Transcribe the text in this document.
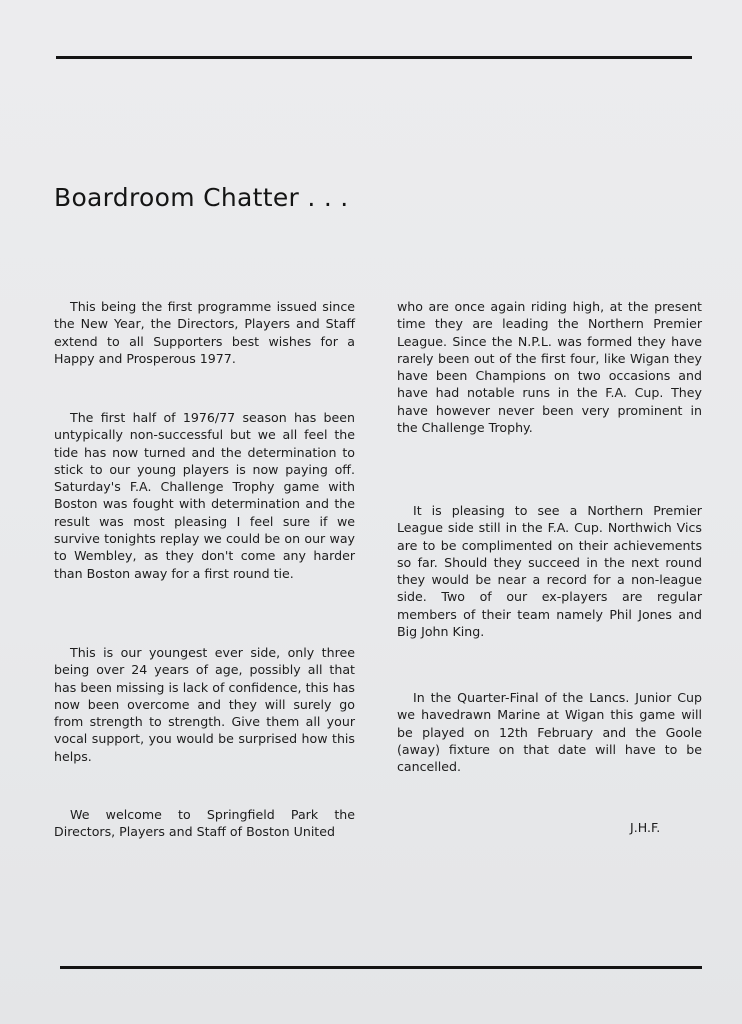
Boardroom Chatter . . .

This being the first programme issued since the New Year, the Directors, Players and Staff extend to all Supporters best wishes for a Happy and Prosperous 1977.

The first half of 1976/77 season has been untypically non-successful but we all feel the tide has now turned and the determination to stick to our young players is now paying off. Saturday's F.A. Challenge Trophy game with Boston was fought with determination and the result was most pleasing I feel sure if we survive tonights replay we could be on our way to Wembley, as they don't come any harder than Boston away for a first round tie.

This is our youngest ever side, only three being over 24 years of age, possibly all that has been missing is lack of confidence, this has now been overcome and they will surely go from strength to strength. Give them all your vocal support, you would be surprised how this helps.

We welcome to Springfield Park the Directors, Players and Staff of Boston United

who are once again riding high, at the present time they are leading the Northern Premier League. Since the N.P.L. was formed they have rarely been out of the first four, like Wigan they have been Champions on two occasions and have had notable runs in the F.A. Cup. They have however never been very prominent in the Challenge Trophy.

It is pleasing to see a Northern Premier League side still in the F.A. Cup. Northwich Vics are to be complimented on their achievements so far. Should they succeed in the next round they would be near a record for a non-league side. Two of our ex-players are regular members of their team namely Phil Jones and Big John King.

In the Quarter-Final of the Lancs. Junior Cup we havedrawn Marine at Wigan this game will be played on 12th February and the Goole (away) fixture on that date will have to be cancelled.

J.H.F.
